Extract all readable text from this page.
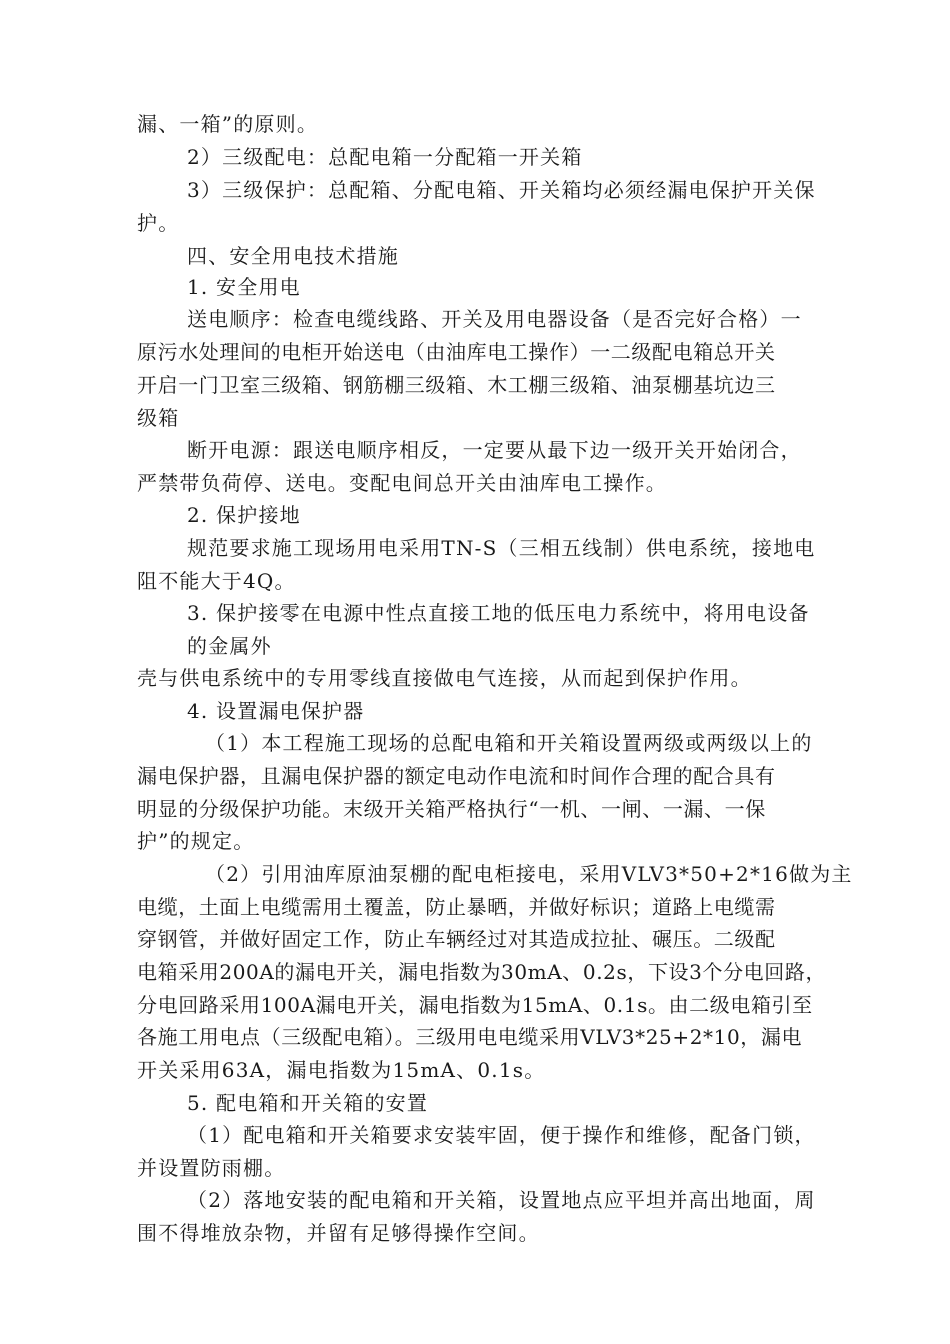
漏、一箱”的原则。
2）三级配电：总配电箱一分配箱一开关箱
3）三级保护：总配箱、分配电箱、开关箱均必须经漏电保护开关保
护。
四、安全用电技术措施
1. 安全用电
送电顺序：检查电缆线路、开关及用电器设备（是否完好合格）一
原污水处理间的电柜开始送电（由油库电工操作）一二级配电箱总开关
开启一门卫室三级箱、钢筋棚三级箱、木工棚三级箱、油泵棚基坑边三
级箱
断开电源：跟送电顺序相反，一定要从最下边一级开关开始闭合，
严禁带负荷停、送电。变配电间总开关由油库电工操作。
2. 保护接地
规范要求施工现场用电采用TN-S（三相五线制）供电系统，接地电
阻不能大于4Q。
3. 保护接零在电源中性点直接工地的低压电力系统中，将用电设备
的金属外
壳与供电系统中的专用零线直接做电气连接，从而起到保护作用。
4. 设置漏电保护器
（1）本工程施工现场的总配电箱和开关箱设置两级或两级以上的
漏电保护器，且漏电保护器的额定电动作电流和时间作合理的配合具有
明显的分级保护功能。末级开关箱严格执行“一机、一闸、一漏、一保
护”的规定。
（2）引用油库原油泵棚的配电柜接电，采用VLV3*50+2*16做为主
电缆，土面上电缆需用土覆盖，防止暴晒，并做好标识；道路上电缆需
穿钢管，并做好固定工作，防止车辆经过对其造成拉扯、碾压。二级配
电箱采用200A的漏电开关，漏电指数为30mA、0.2s，下设3个分电回路，
分电回路采用100A漏电开关，漏电指数为15mA、0.1s。由二级电箱引至
各施工用电点（三级配电箱）。三级用电电缆采用VLV3*25+2*10，漏电
开关采用63A，漏电指数为15mA、0.1s。
5. 配电箱和开关箱的安置
（1）配电箱和开关箱要求安装牢固，便于操作和维修，配备门锁，
并设置防雨棚。
（2）落地安装的配电箱和开关箱，设置地点应平坦并高出地面，周
围不得堆放杂物，并留有足够得操作空间。
